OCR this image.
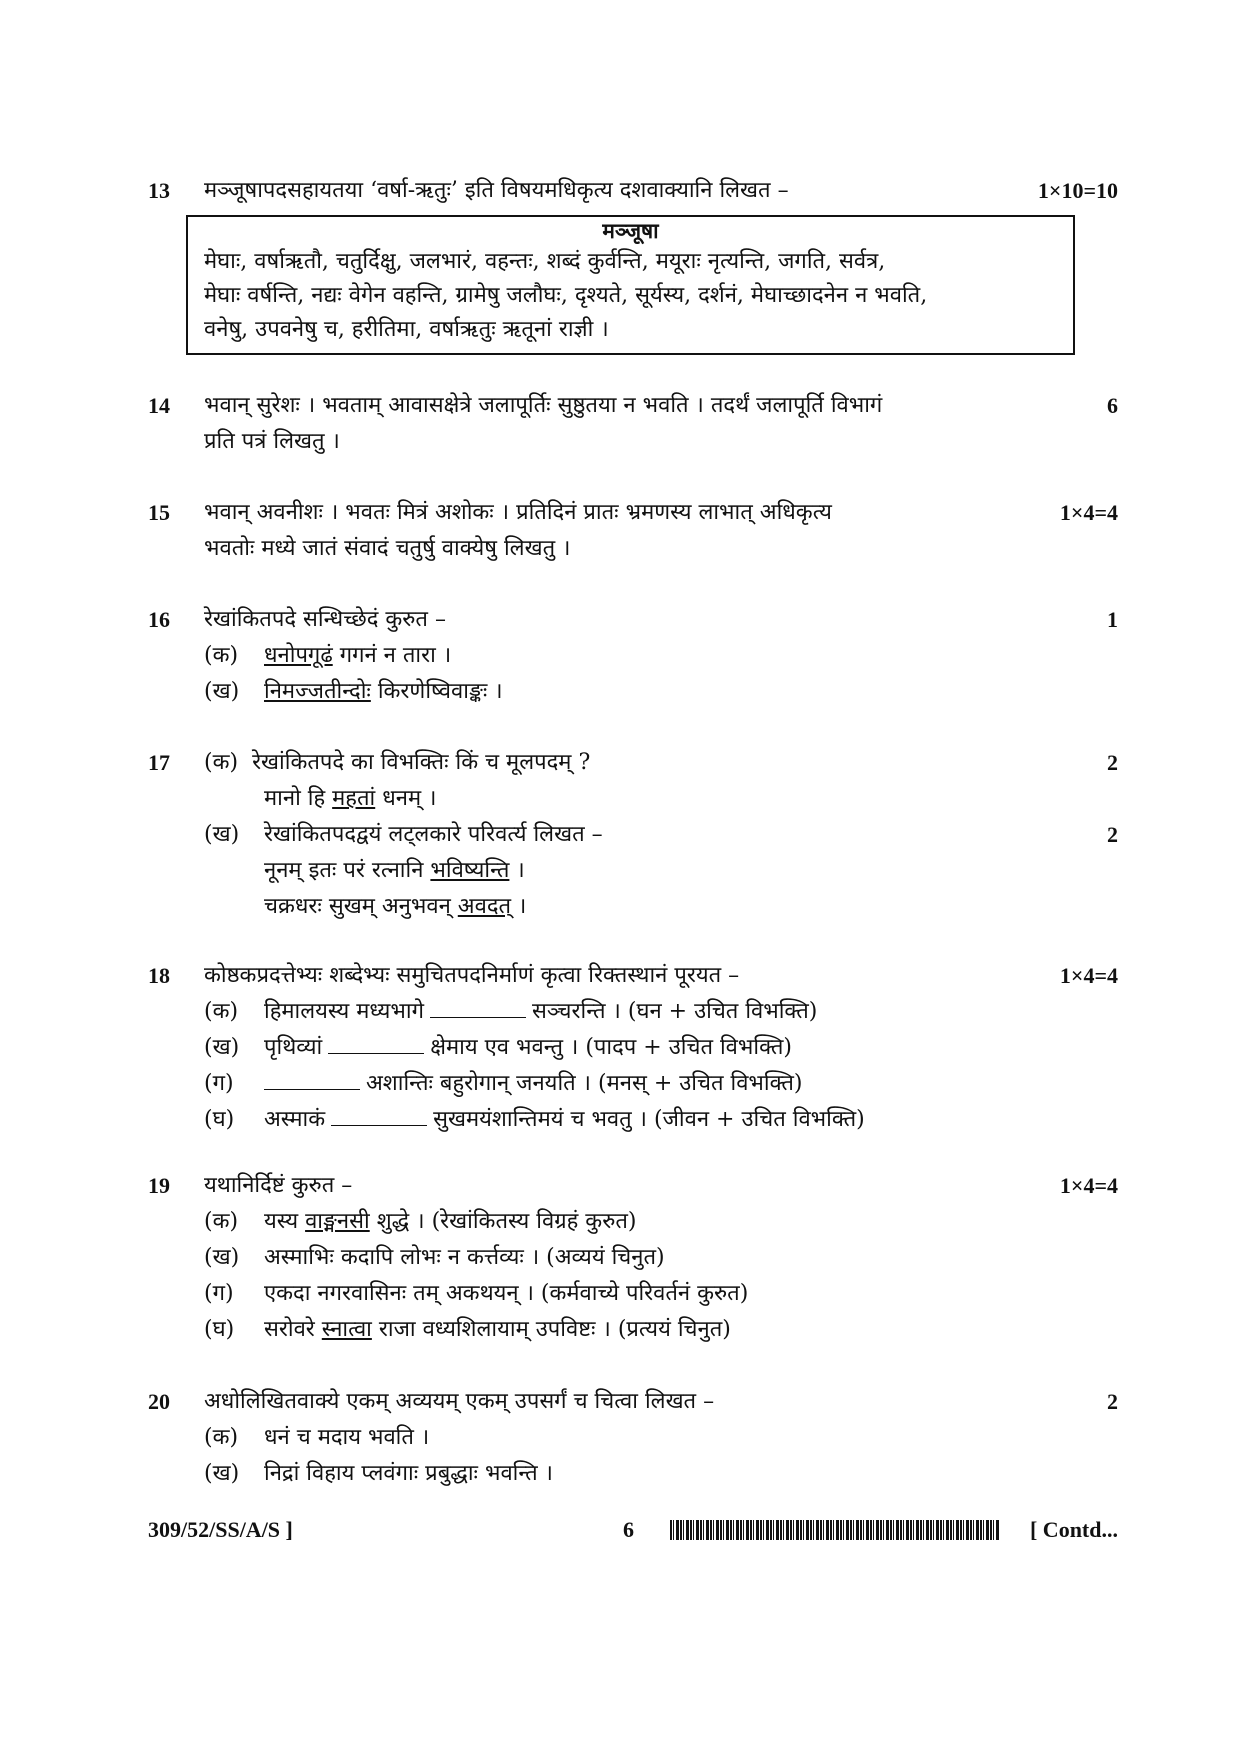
13 मञ्जूषापदसहायतया ‘वर्षा-ऋतुः’ इति विषयमधिकृत्य दशवाक्यानि लिखत –	1×10=10
मञ्जूषा
मेघाः, वर्षाऋतौ, चतुर्दिक्षु, जलभारं, वहन्तः, शब्दं कुर्वन्ति, मयूराः नृत्यन्ति, जगति, सर्वत्र,
मेघाः वर्षन्ति, नद्यः वेगेन वहन्ति, ग्रामेषु जलौघः, दृश्यते, सूर्यस्य, दर्शनं, मेघाच्छादनेन न भवति,
वनेषु, उपवनेषु च, हरीतिमा, वर्षाऋतुः ऋतूनां राज्ञी ।
14 भवान् सुरेशः । भवताम् आवासक्षेत्रे जलापूर्तिः सुष्ठुतया न भवति । तदर्थं जलापूर्ति विभागं	6
प्रति पत्रं लिखतु ।
15 भवान् अवनीशः । भवतः मित्रं अशोकः । प्रतिदिनं प्रातः भ्रमणस्य लाभात् अधिकृत्य	1×4=4
भवतोः मध्ये जातं संवादं चतुर्षु वाक्येषु लिखतु ।
16 रेखांकितपदे सन्धिच्छेदं कुरुत –	1
(क) धनोपगूढं गगनं न तारा ।
(ख) निमज्जतीन्दोः किरणेष्विवाङ्कः ।
17 (क) रेखांकितपदे का विभक्तिः किं च मूलपदम् ?	2
मानो हि महतां धनम् ।
(ख) रेखांकितपदद्वयं लट्लकारे परिवर्त्य लिखत –	2
नूनम् इतः परं रत्नानि भविष्यन्ति ।
चक्रधरः सुखम् अनुभवन् अवदत् ।
18 कोष्ठकप्रदत्तेभ्यः शब्देभ्यः समुचितपदनिर्माणं कृत्वा रिक्तस्थानं पूरयत –	1×4=4
(क) हिमालयस्य मध्यभागे	सञ्चरन्ति । (घन + उचित विभक्ति)
(ख) पृथिव्यां	क्षेमाय एव भवन्तु । (पादप + उचित विभक्ति)
(ग)	अशान्तिः बहुरोगान् जनयति । (मनस् + उचित विभक्ति)
(घ) अस्माकं	सुखमयंशान्तिमयं च भवतु । (जीवन + उचित विभक्ति)
19 यथानिर्दिष्टं कुरुत –	1×4=4
(क) यस्य वाङ्मनसी शुद्धे । (रेखांकितस्य विग्रहं कुरुत)
(ख) अस्माभिः कदापि लोभः न कर्त्तव्यः । (अव्ययं चिनुत)
(ग) एकदा नगरवासिनः तम् अकथयन् । (कर्मवाच्ये परिवर्तनं कुरुत)
(घ) सरोवरे स्नात्वा राजा वध्यशिलायाम् उपविष्टः । (प्रत्ययं चिनुत)
20 अधोलिखितवाक्ये एकम् अव्ययम् एकम् उपसर्गं च चित्वा लिखत –	2
(क) धनं च मदाय भवति ।
(ख) निद्रां विहाय प्लवंगाः प्रबुद्धाः भवन्ति ।
309/52/SS/A/S ]	6	[ Contd...
